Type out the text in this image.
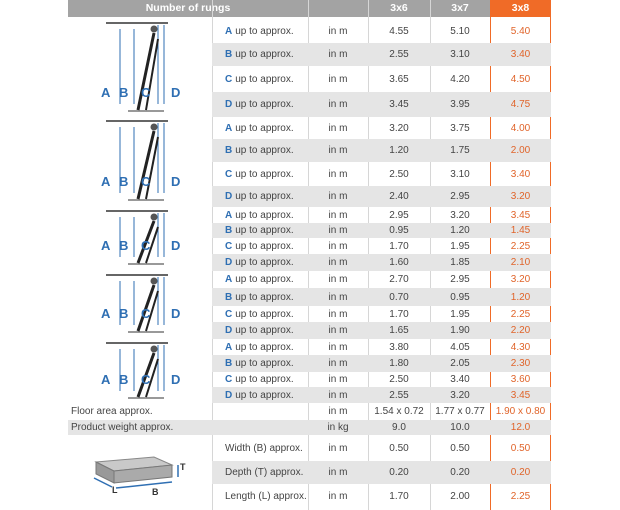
Number of rungs	3x6	3x7	3x8
A up to approx.	in m	4.55	5.10	5.40
B up to approx.	in m	2.55	3.10	3.40
C up to approx.	in m	3.65	4.20	4.50
D up to approx.	in m	3.45	3.95	4.75
A up to approx.	in m	3.20	3.75	4.00
B up to approx.	in m	1.20	1.75	2.00
C up to approx.	in m	2.50	3.10	3.40
D up to approx.	in m	2.40	2.95	3.20
A up to approx.	in m	2.95	3.20	3.45
B up to approx.	in m	0.95	1.20	1.45
C up to approx.	in m	1.70	1.95	2.25
D up to approx.	in m	1.60	1.85	2.10
A up to approx.	in m	2.70	2.95	3.20
B up to approx.	in m	0.70	0.95	1.20
C up to approx.	in m	1.70	1.95	2.25
D up to approx.	in m	1.65	1.90	2.20
A up to approx.	in m	3.80	4.05	4.30
B up to approx.	in m	1.80	2.05	2.30
C up to approx.	in m	2.50	3.40	3.60
D up to approx.	in m	2.55	3.20	3.45
Floor area approx.	in m	1.54 x 0.72	1.77 x 0.77	1.90 x 0.80
Product weight approx.	in kg	9.0	10.0	12.0
Width (B) approx.	in m	0.50	0.50	0.50
Depth (T) approx.	in m	0.20	0.20	0.20
Length (L) approx.	in m	1.70	2.00	2.25
A B C D
A B C D
A B C D
A B C D
A B C D
T
L	B
